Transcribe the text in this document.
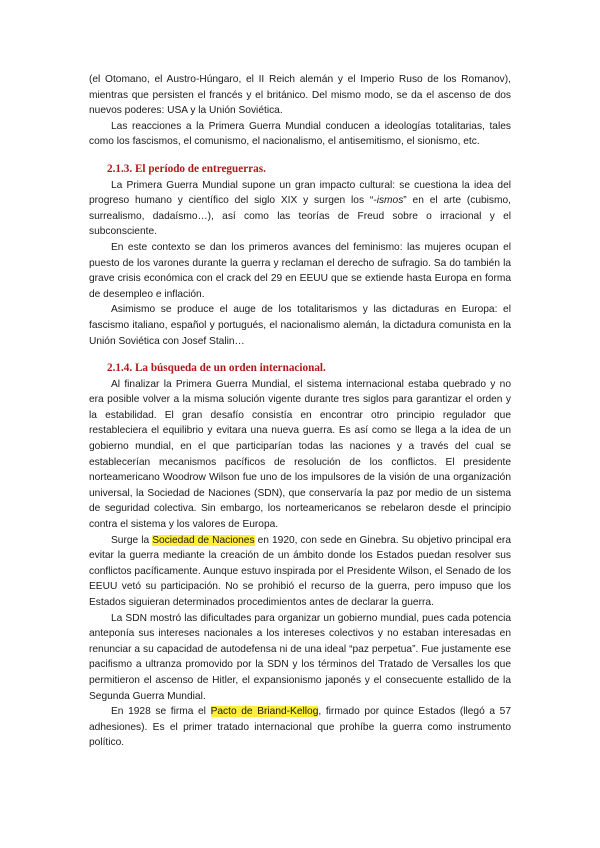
(el Otomano, el Austro-Húngaro, el II Reich alemán y el Imperio Ruso de los Romanov), mientras que persisten el francés y el británico. Del mismo modo, se da el ascenso de dos nuevos poderes: USA y la Unión Soviética.

Las reacciones a la Primera Guerra Mundial conducen a ideologías totalitarias, tales como los fascismos, el comunismo, el nacionalismo, el antisemitismo, el sionismo, etc.

2.1.3. El período de entreguerras.

La Primera Guerra Mundial supone un gran impacto cultural: se cuestiona la idea del progreso humano y científico del siglo XIX y surgen los “-ismos” en el arte (cubismo, surrealismo, dadaísmo…), así como las teorías de Freud sobre o irracional y el subconsciente.

En este contexto se dan los primeros avances del feminismo: las mujeres ocupan el puesto de los varones durante la guerra y reclaman el derecho de sufragio. Sa do también la grave crisis económica con el crack del 29 en EEUU que se extiende hasta Europa en forma de desempleo e inflación.

Asimismo se produce el auge de los totalitarismos y las dictaduras en Europa: el fascismo italiano, español y portugués, el nacionalismo alemán, la dictadura comunista en la Unión Soviética con Josef Stalin…

2.1.4. La búsqueda de un orden internacional.

Al finalizar la Primera Guerra Mundial, el sistema internacional estaba quebrado y no era posible volver a la misma solución vigente durante tres siglos para garantizar el orden y la estabilidad. El gran desafío consistía en encontrar otro principio regulador que restableciera el equilibrio y evitara una nueva guerra. Es así como se llega a la idea de un gobierno mundial, en el que participarían todas las naciones y a través del cual se establecerían mecanismos pacíficos de resolución de los conflictos. El presidente norteamericano Woodrow Wilson fue uno de los impulsores de la visión de una organización universal, la Sociedad de Naciones (SDN), que conservaría la paz por medio de un sistema de seguridad colectiva. Sin embargo, los norteamericanos se rebelaron desde el principio contra el sistema y los valores de Europa.

Surge la Sociedad de Naciones en 1920, con sede en Ginebra. Su objetivo principal era evitar la guerra mediante la creación de un ámbito donde los Estados puedan resolver sus conflictos pacíficamente. Aunque estuvo inspirada por el Presidente Wilson, el Senado de los EEUU vetó su participación. No se prohibió el recurso de la guerra, pero impuso que los Estados siguieran determinados procedimientos antes de declarar la guerra.

La SDN mostró las dificultades para organizar un gobierno mundial, pues cada potencia anteponía sus intereses nacionales a los intereses colectivos y no estaban interesadas en renunciar a su capacidad de autodefensa ni de una ideal “paz perpetua”. Fue justamente ese pacifismo a ultranza promovido por la SDN y los términos del Tratado de Versalles los que permitieron el ascenso de Hitler, el expansionismo japonés y el consecuente estallido de la Segunda Guerra Mundial.

En 1928 se firma el Pacto de Briand-Kellog, firmado por quince Estados (llegó a 57 adhesiones). Es el primer tratado internacional que prohíbe la guerra como instrumento político.
